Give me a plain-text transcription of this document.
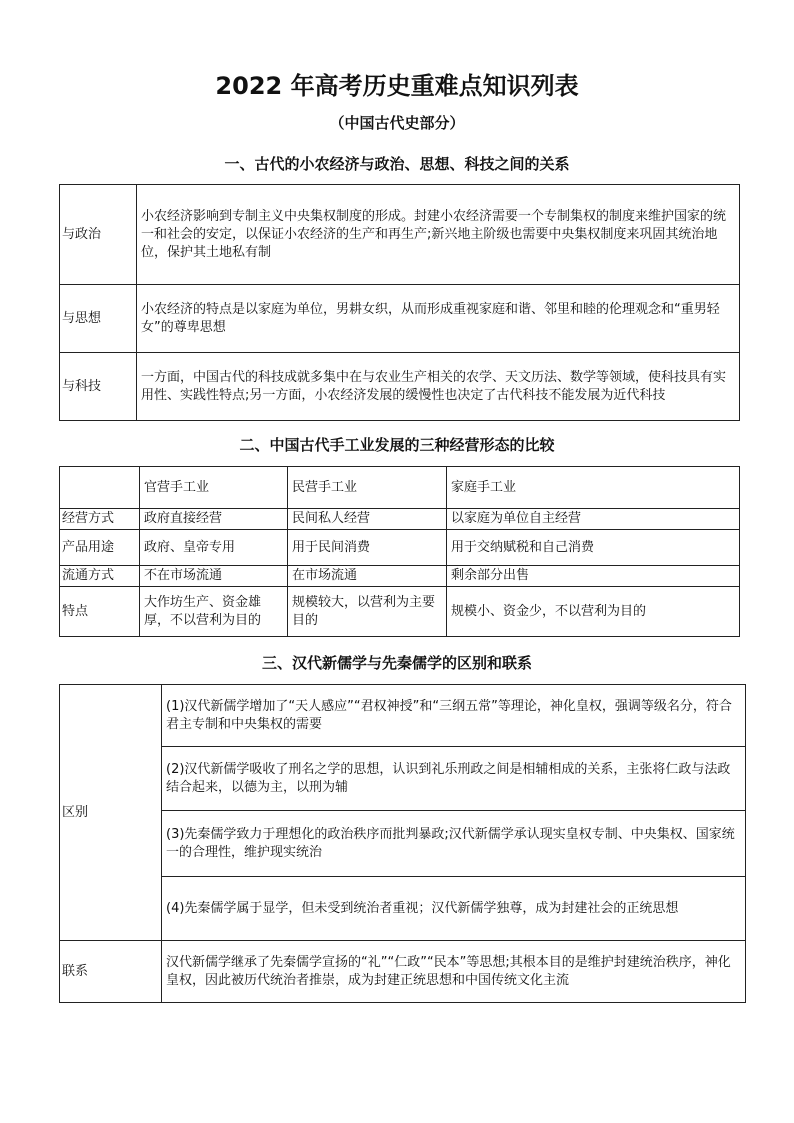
2022 年高考历史重难点知识列表
（中国古代史部分）
一、古代的小农经济与政治、思想、科技之间的关系
与政治	小农经济影响到专制主义中央集权制度的形成。封建小农经济需要一个专制集权的制度来维护国家的统一和社会的安定，以保证小农经济的生产和再生产;新兴地主阶级也需要中央集权制度来巩固其统治地位，保护其土地私有制
与思想	小农经济的特点是以家庭为单位，男耕女织，从而形成重视家庭和谐、邻里和睦的伦理观念和“重男轻女”的尊卑思想
与科技	一方面，中国古代的科技成就多集中在与农业生产相关的农学、天文历法、数学等领域，使科技具有实用性、实践性特点;另一方面，小农经济发展的缓慢性也决定了古代科技不能发展为近代科技
二、中国古代手工业发展的三种经营形态的比较
	官营手工业	民营手工业	家庭手工业
经营方式	政府直接经营	民间私人经营	以家庭为单位自主经营
产品用途	政府、皇帝专用	用于民间消费	用于交纳赋税和自己消费
流通方式	不在市场流通	在市场流通	剩余部分出售
特点	大作坊生产、资金雄厚，不以营利为目的	规模较大，以营利为主要目的	规模小、资金少，不以营利为目的
三、汉代新儒学与先秦儒学的区别和联系
区别	(1)汉代新儒学增加了“天人感应”“君权神授”和“三纲五常”等理论，神化皇权，强调等级名分，符合君主专制和中央集权的需要
	(2)汉代新儒学吸收了刑名之学的思想，认识到礼乐刑政之间是相辅相成的关系，主张将仁政与法政结合起来，以德为主，以刑为辅
	(3)先秦儒学致力于理想化的政治秩序而批判暴政;汉代新儒学承认现实皇权专制、中央集权、国家统一的合理性，维护现实统治
	(4)先秦儒学属于显学，但未受到统治者重视；汉代新儒学独尊，成为封建社会的正统思想
联系	汉代新儒学继承了先秦儒学宣扬的“礼”“仁政”“民本”等思想;其根本目的是维护封建统治秩序，神化皇权，因此被历代统治者推崇，成为封建正统思想和中国传统文化主流
